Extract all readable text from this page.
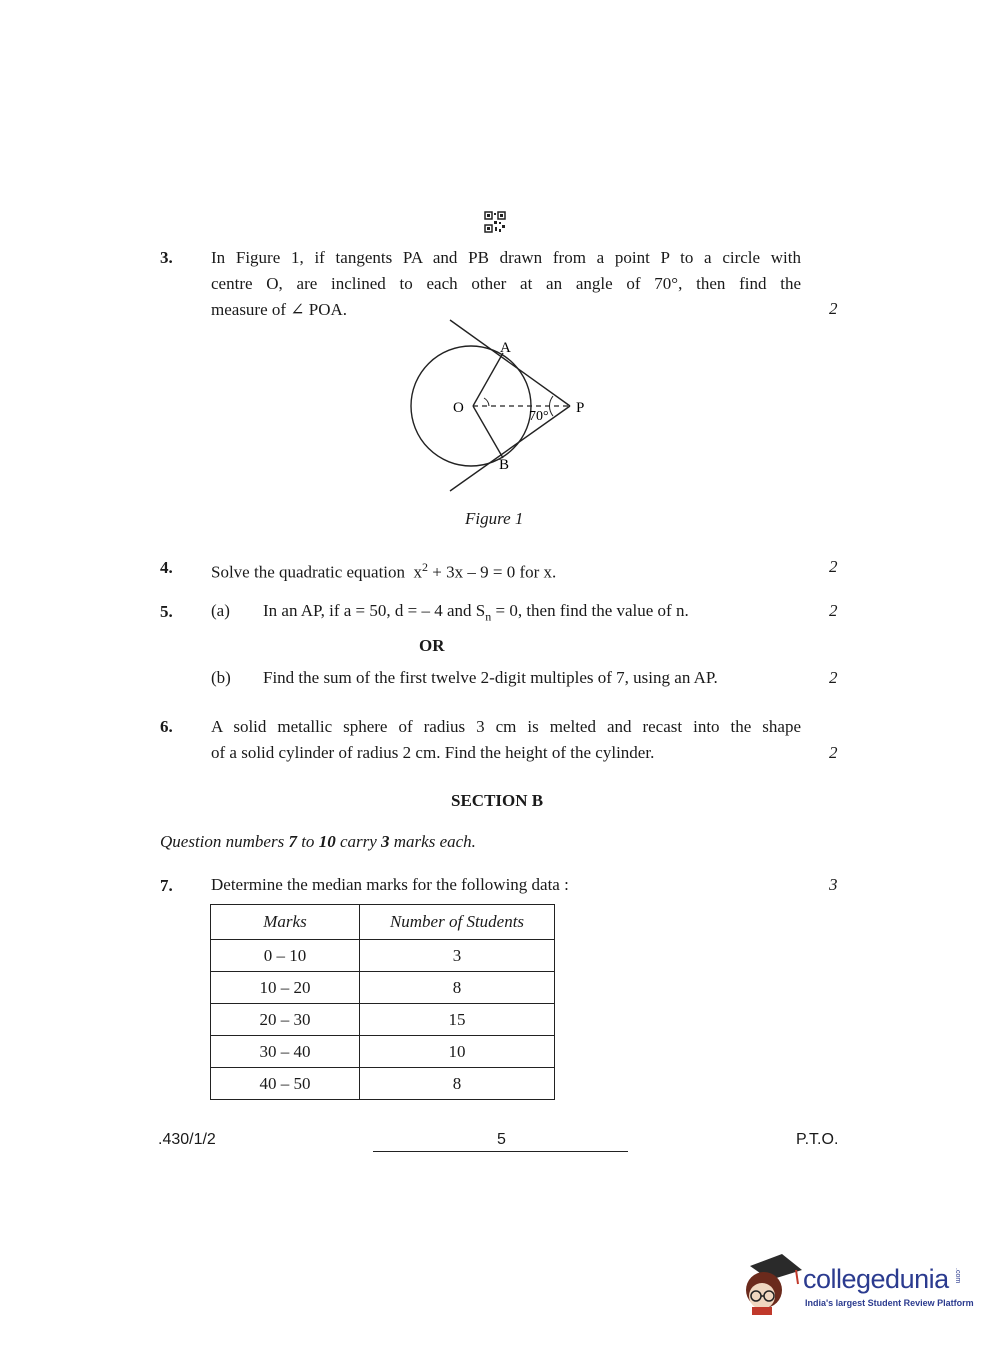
3. In Figure 1, if tangents PA and PB drawn from a point P to a circle with
centre O, are inclined to each other at an angle of 70°, then find the
measure of ∠ POA.	2
A
B
O	P
70°
Figure 1
4. Solve the quadratic equation $x^2 + 3x - 9 = 0$ for x.	2
5. (a) In an AP, if a = 50, d = – 4 and $S_n = 0$, then find the value of n.	2
OR
(b) Find the sum of the first twelve 2-digit multiples of 7, using an AP.	2
6. A solid metallic sphere of radius 3 cm is melted and recast into the shape
of a solid cylinder of radius 2 cm. Find the height of the cylinder.	2
SECTION B
Question numbers 7 to 10 carry 3 marks each.
7. Determine the median marks for the following data :	3
Marks	Number of Students
0 – 10	3
10 – 20	8
20 – 30	15
30 – 40	10
40 – 50	8
.430/1/2	5	P.T.O.
collegedunia .com
India's largest Student Review Platform
